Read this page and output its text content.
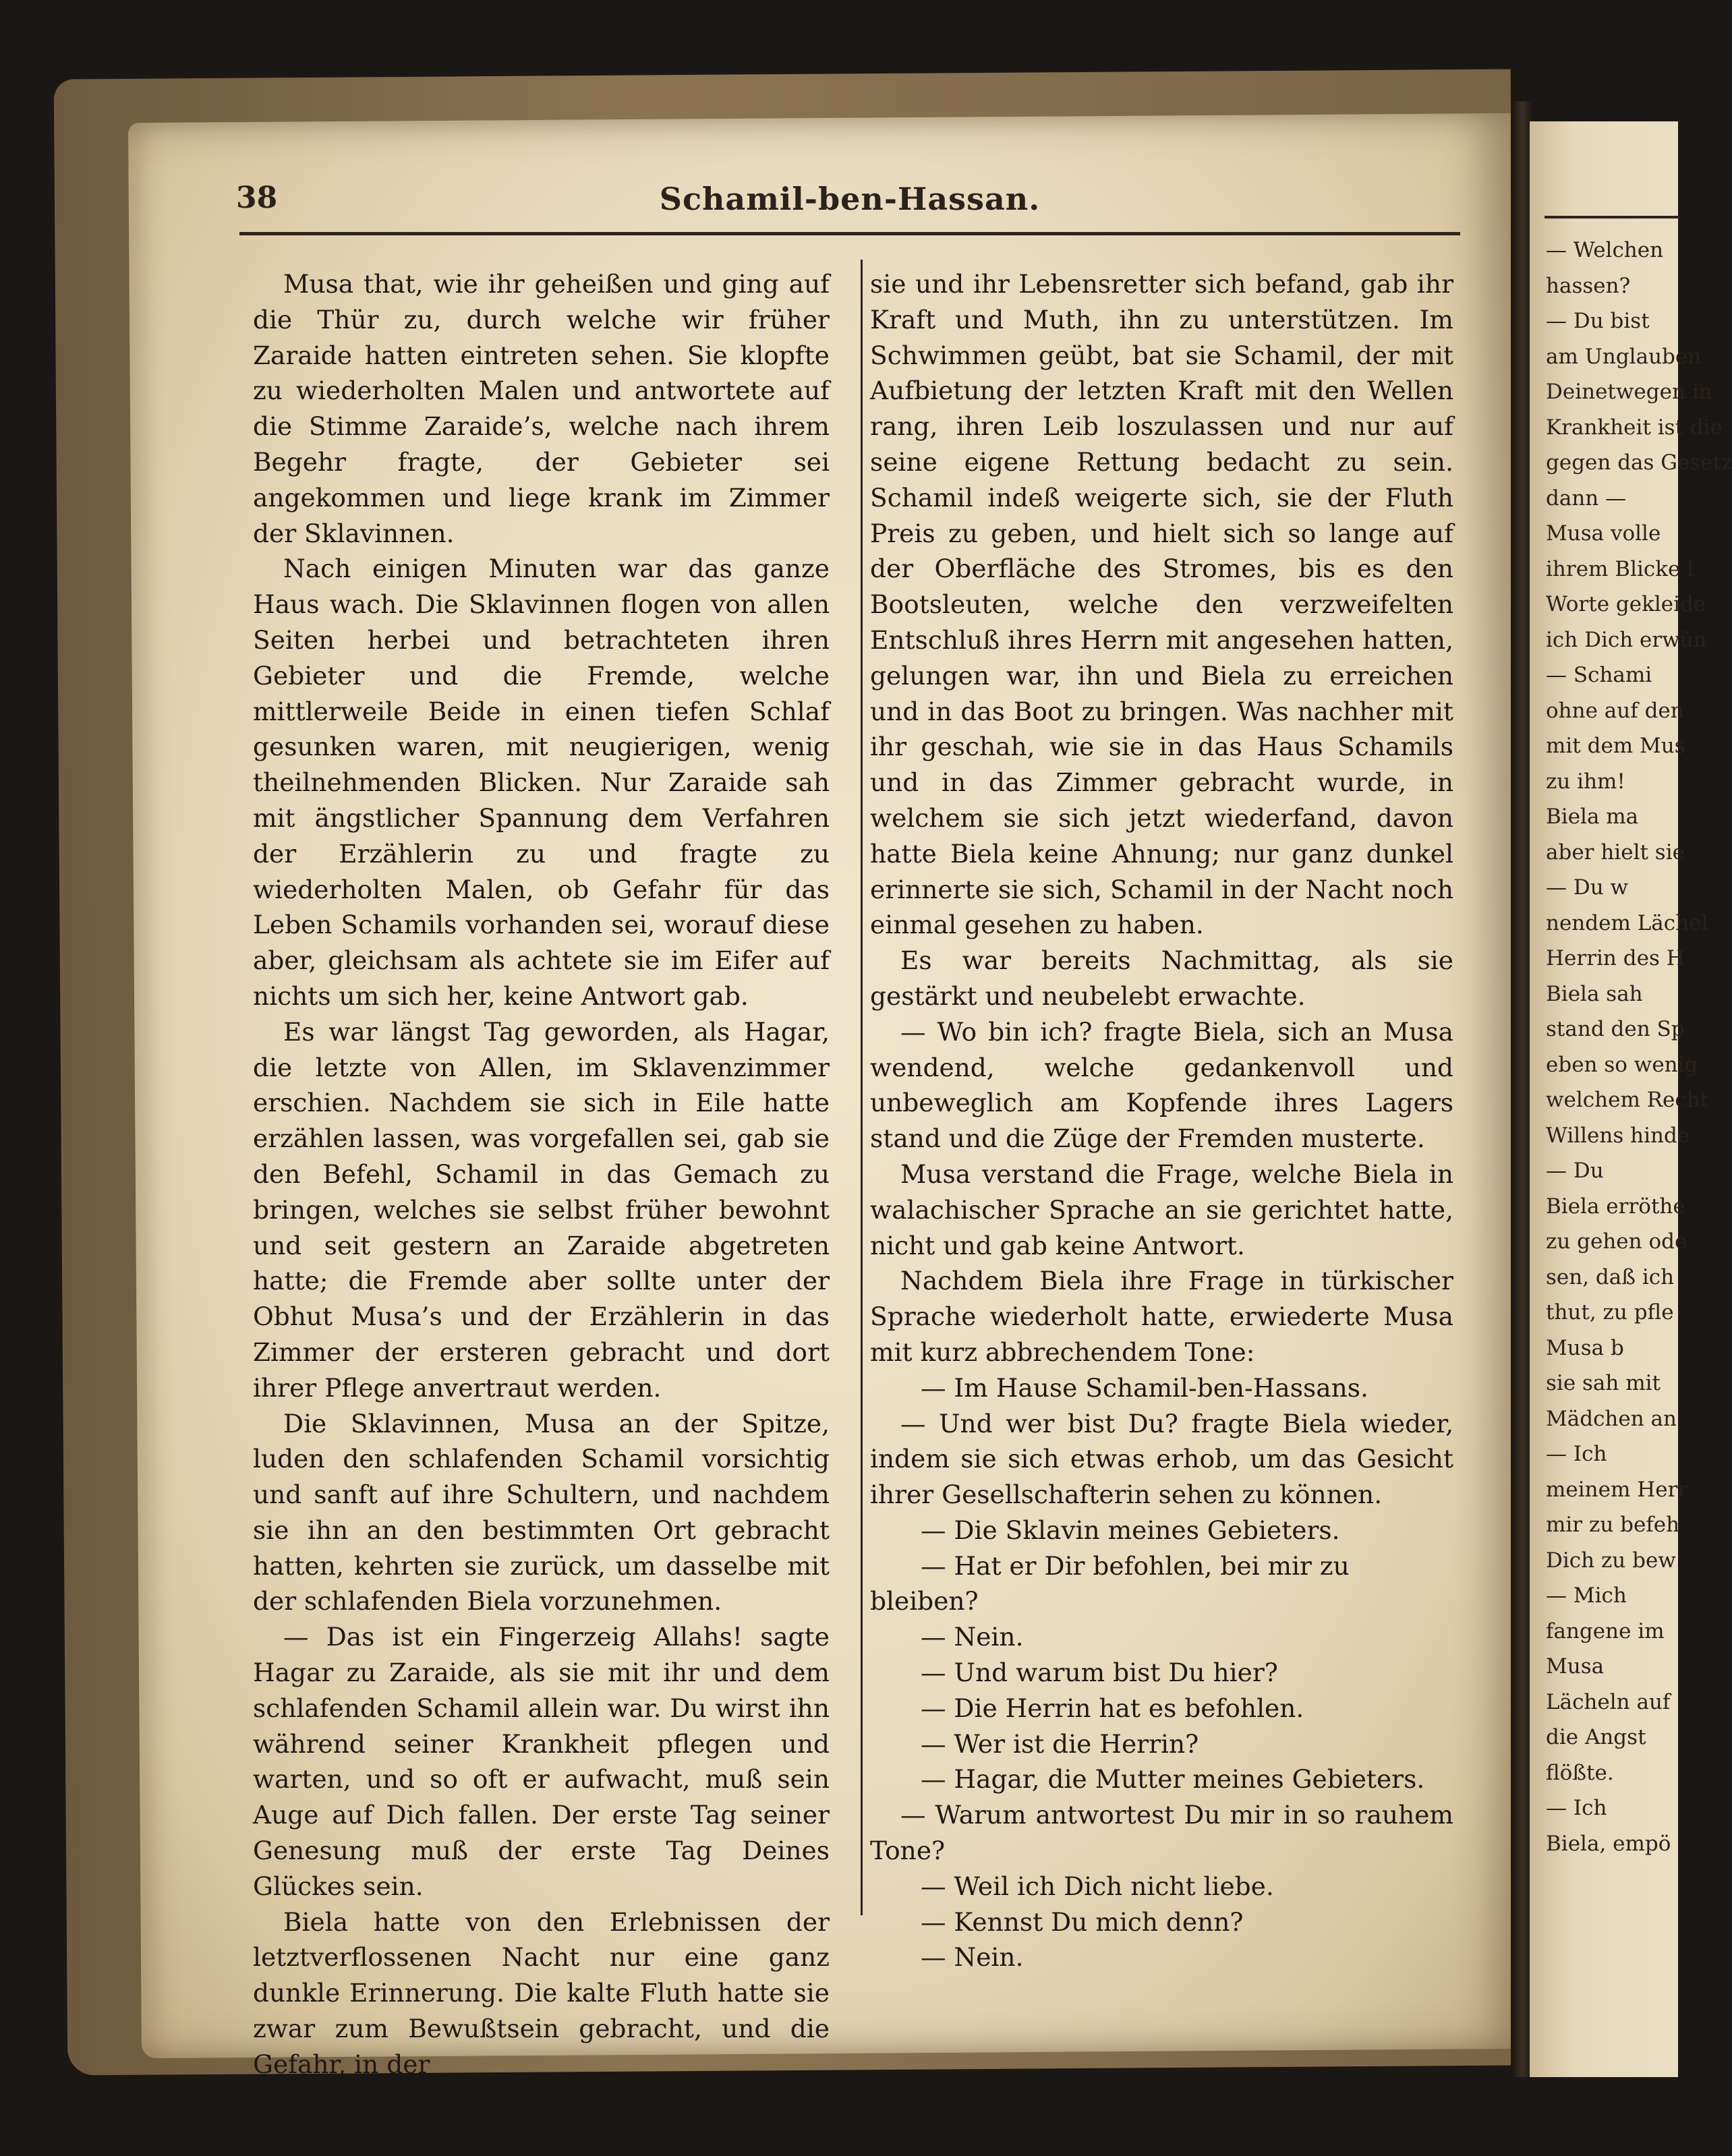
38	Schamil-ben-Hassan.

Musa that, wie ihr geheißen und ging auf die Thür zu, durch welche wir früher Zaraide hatten eintreten sehen. Sie klopfte zu wiederholten Malen und antwortete auf die Stimme Zaraide’s, welche nach ihrem Begehr fragte, der Gebieter sei angekommen und liege krank im Zimmer der Sklavinnen.

Nach einigen Minuten war das ganze Haus wach. Die Sklavinnen flogen von allen Seiten herbei und betrachteten ihren Gebieter und die Fremde, welche mittlerweile Beide in einen tiefen Schlaf gesunken waren, mit neugierigen, wenig theilnehmenden Blicken. Nur Zaraide sah mit ängstlicher Spannung dem Verfahren der Erzählerin zu und fragte zu wiederholten Malen, ob Gefahr für das Leben Schamils vorhanden sei, worauf diese aber, gleichsam als achtete sie im Eifer auf nichts um sich her, keine Antwort gab.

Es war längst Tag geworden, als Hagar, die letzte von Allen, im Sklavenzimmer erschien. Nachdem sie sich in Eile hatte erzählen lassen, was vorgefallen sei, gab sie den Befehl, Schamil in das Gemach zu bringen, welches sie selbst früher bewohnt und seit gestern an Zaraide abgetreten hatte; die Fremde aber sollte unter der Obhut Musa’s und der Erzählerin in das Zimmer der ersteren gebracht und dort ihrer Pflege anvertraut werden.

Die Sklavinnen, Musa an der Spitze, luden den schlafenden Schamil vorsichtig und sanft auf ihre Schultern, und nachdem sie ihn an den bestimmten Ort gebracht hatten, kehrten sie zurück, um dasselbe mit der schlafenden Biela vorzunehmen.

— Das ist ein Fingerzeig Allahs! sagte Hagar zu Zaraide, als sie mit ihr und dem schlafenden Schamil allein war. Du wirst ihn während seiner Krankheit pflegen und warten, und so oft er aufwacht, muß sein Auge auf Dich fallen. Der erste Tag seiner Genesung muß der erste Tag Deines Glückes sein.

Biela hatte von den Erlebnissen der letztverflossenen Nacht nur eine ganz dunkle Erinnerung. Die kalte Fluth hatte sie zwar zum Bewußtsein gebracht, und die Gefahr, in der

sie und ihr Lebensretter sich befand, gab ihr Kraft und Muth, ihn zu unterstützen. Im Schwimmen geübt, bat sie Schamil, der mit Aufbietung der letzten Kraft mit den Wellen rang, ihren Leib loszulassen und nur auf seine eigene Rettung bedacht zu sein. Schamil indeß weigerte sich, sie der Fluth Preis zu geben, und hielt sich so lange auf der Oberfläche des Stromes, bis es den Bootsleuten, welche den verzweifelten Entschluß ihres Herrn mit angesehen hatten, gelungen war, ihn und Biela zu erreichen und in das Boot zu bringen. Was nachher mit ihr geschah, wie sie in das Haus Schamils und in das Zimmer gebracht wurde, in welchem sie sich jetzt wiederfand, davon hatte Biela keine Ahnung; nur ganz dunkel erinnerte sie sich, Schamil in der Nacht noch einmal gesehen zu haben.

Es war bereits Nachmittag, als sie gestärkt und neubelebt erwachte.

— Wo bin ich? fragte Biela, sich an Musa wendend, welche gedankenvoll und unbeweglich am Kopfende ihres Lagers stand und die Züge der Fremden musterte.

Musa verstand die Frage, welche Biela in walachischer Sprache an sie gerichtet hatte, nicht und gab keine Antwort.

Nachdem Biela ihre Frage in türkischer Sprache wiederholt hatte, erwiederte Musa mit kurz abbrechendem Tone:

— Im Hause Schamil-ben-Hassans.

— Und wer bist Du? fragte Biela wieder, indem sie sich etwas erhob, um das Gesicht ihrer Gesellschafterin sehen zu können.

— Die Sklavin meines Gebieters.

— Hat er Dir befohlen, bei mir zu bleiben?

— Nein.

— Und warum bist Du hier?

— Die Herrin hat es befohlen.

— Wer ist die Herrin?

— Hagar, die Mutter meines Gebieters.

— Warum antwortest Du mir in so rauhem Tone?

— Weil ich Dich nicht liebe.

— Kennst Du mich denn?

— Nein.

— Welchen
hassen?
— Du bist
am Unglauben
Deinetwegen in
Krankheit ist die
gegen das Gesetz
dann —
Musa volle
ihrem Blicke l
Worte gekleide
ich Dich erwün
— Schami
ohne auf den
mit dem Mus
zu ihm!
Biela ma
aber hielt sie
— Du w
nendem Lächel
Herrin des H
Biela sah
stand den Sp
eben so wenig
welchem Recht
Willens hinde
— Du
Biela erröthe
zu gehen ode
sen, daß ich
thut, zu pfle
Musa b
sie sah mit
Mädchen an
— Ich
meinem Herr
mir zu befeh
Dich zu bew
— Mich
fangene im
Musa
Lächeln auf
die Angst
flößte.
— Ich
Biela, empö
